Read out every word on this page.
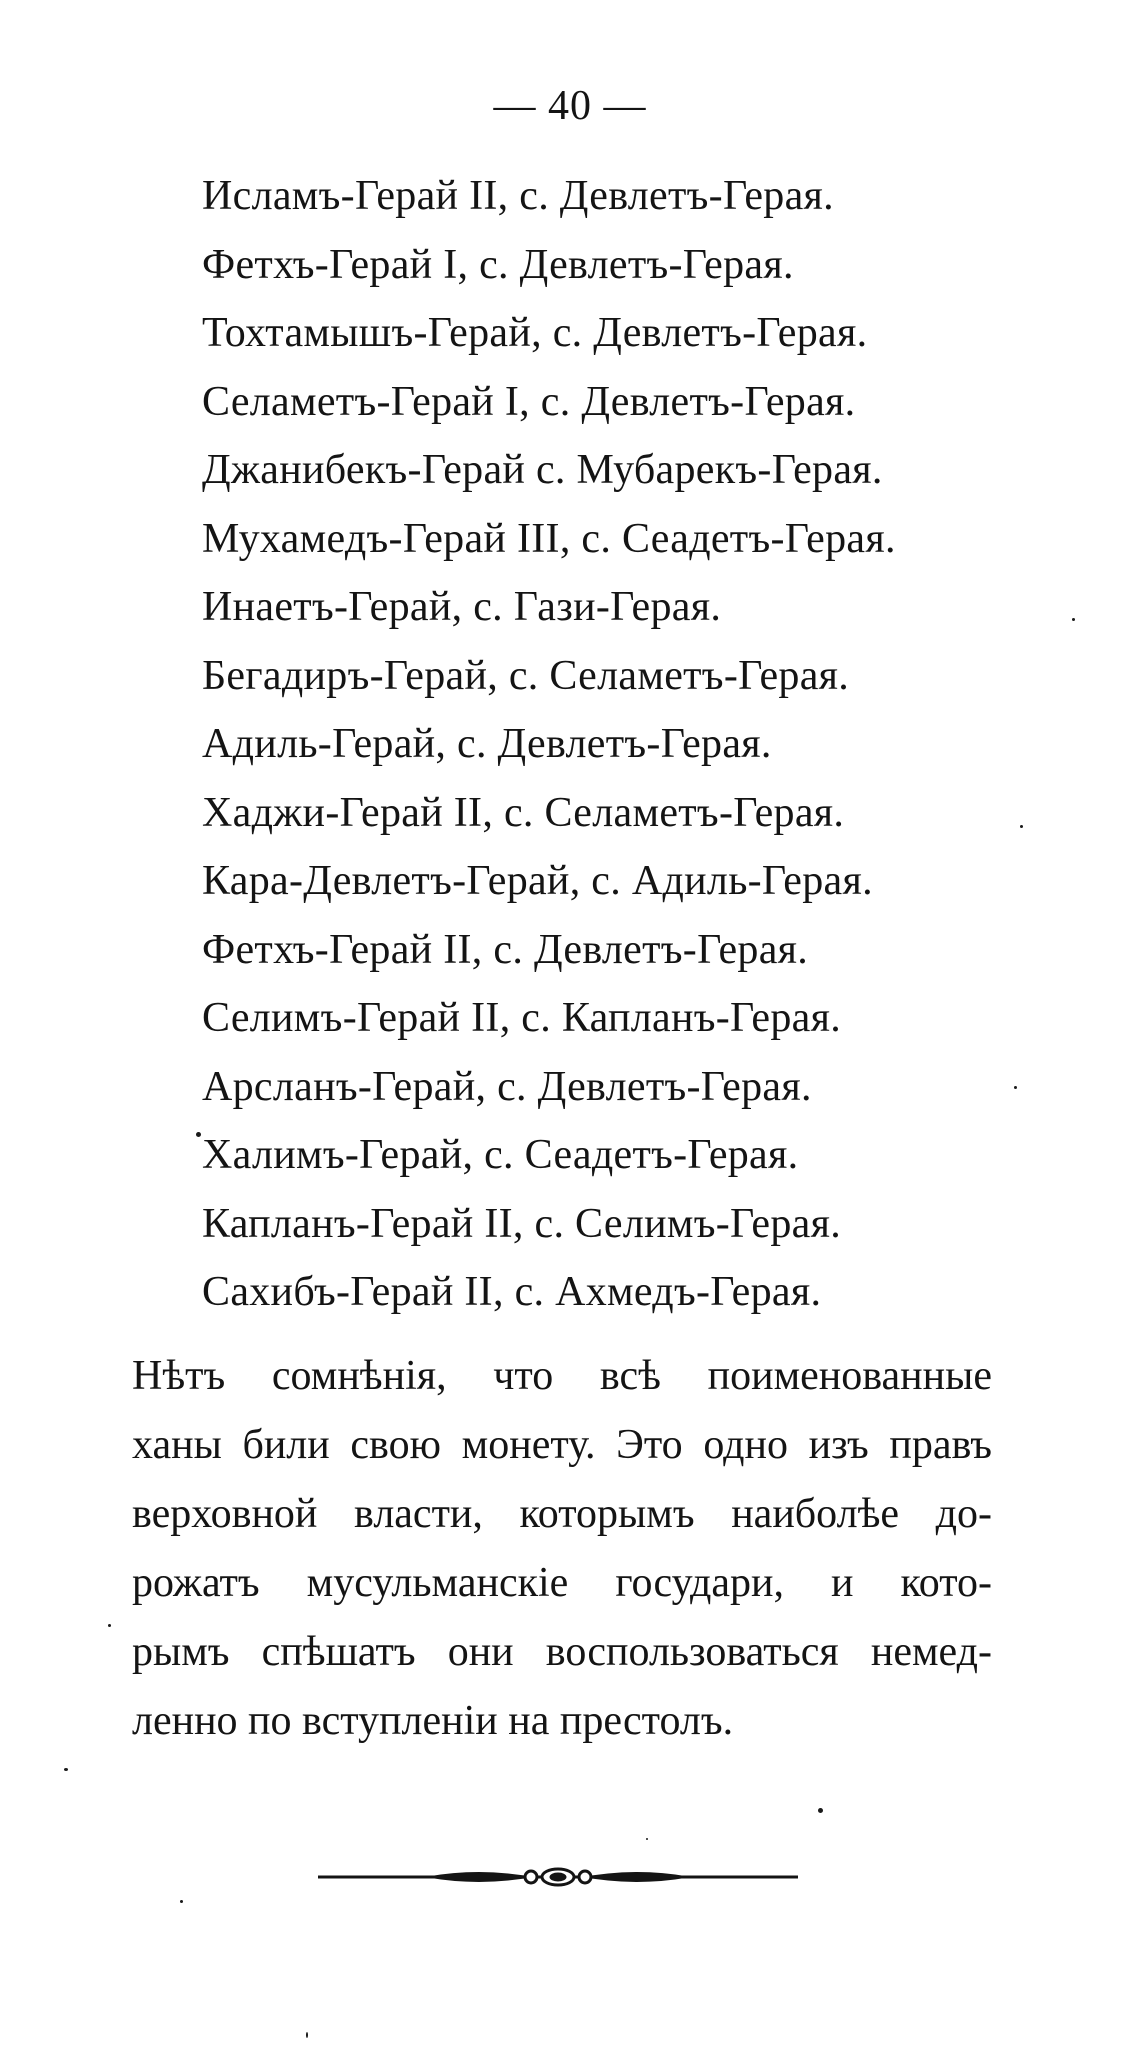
— 40 —
Исламъ-Герай II, с. Девлетъ-Герая.
Фетхъ-Герай I, с. Девлетъ-Герая.
Тохтамышъ-Герай, с. Девлетъ-Герая.
Селаметъ-Герай I, с. Девлетъ-Герая.
Джанибекъ-Герай с. Мубарекъ-Герая.
Мухамедъ-Герай III, с. Сеадетъ-Герая.
Инаетъ-Герай, с. Гази-Герая.
Бегадиръ-Герай, с. Селаметъ-Герая.
Адиль-Герай, с. Девлетъ-Герая.
Хаджи-Герай II, с. Селаметъ-Герая.
Кара-Девлетъ-Герай, с. Адиль-Герая.
Фетхъ-Герай II, с. Девлетъ-Герая.
Селимъ-Герай II, с. Капланъ-Герая.
Арсланъ-Герай, с. Девлетъ-Герая.
Халимъ-Герай, с. Сеадетъ-Герая.
Капланъ-Герай II, с. Селимъ-Герая.
Сахибъ-Герай II, с. Ахмедъ-Герая.
Нѣтъ сомнѣнія, что всѣ поименованные
ханы били свою монету. Это одно изъ правъ
верховной власти, которымъ наиболѣе до-
рожатъ мусульманскіе государи, и кото-
рымъ спѣшатъ они воспользоваться немед-
ленно по вступленіи на престолъ.
